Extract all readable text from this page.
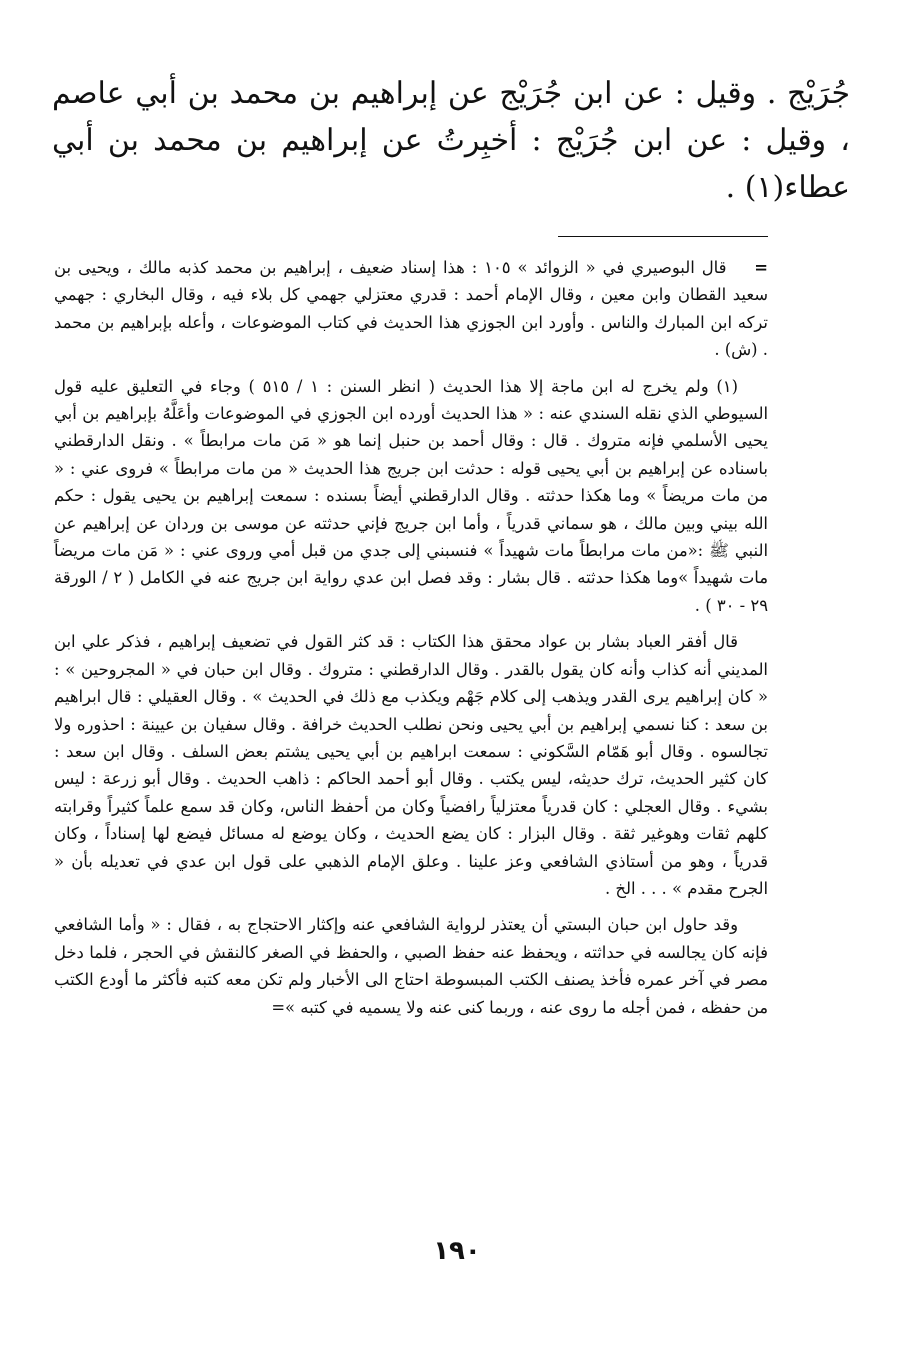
جُرَيْج . وقيل : عن ابن جُرَيْج عن إبراهيم بن محمد بن أبي عاصم ، وقيل : عن ابن جُرَيْج : أخبِرتُ عن إبراهيم بن محمد بن أبي عطاء(١) .

=    قال البوصيري في « الزوائد » ١٠٥ : هذا إسناد ضعيف ، إبراهيم بن محمد كذبه مالك ، ويحيى بن سعيد القطان وابن معين ، وقال الإمام أحمد : قدري معتزلي جهمي كل بلاء فيه ، وقال البخاري : جهمي تركه ابن المبارك والناس . وأورد ابن الجوزي هذا الحديث في كتاب الموضوعات ، وأعله بإبراهيم بن محمد . (ش) .

(١) ولم يخرج له ابن ماجة إلا هذا الحديث ( انظر السنن : ١ / ٥١٥ ) وجاء في التعليق عليه قول السيوطي الذي نقله السندي عنه : « هذا الحديث أورده ابن الجوزي في الموضوعات وأعَلَّهُ بإبراهيم بن أبي يحيى الأسلمي فإنه متروك . قال : وقال أحمد بن حنبل إنما هو « مَن مات مرابطاً » . ونقل الدارقطني باسناده عن إبراهيم بن أبي يحيى قوله : حدثت ابن جريج هذا الحديث « من مات مرابطاً » فروى عني : « من مات مريضاً » وما هكذا حدثته . وقال الدارقطني أيضاً بسنده : سمعت إبراهيم بن يحيى يقول : حكم الله بيني وبين مالك ، هو سماني قدرياً ، وأما ابن جريج فإني حدثته عن موسى بن وردان عن إبراهيم عن النبي ﷺ :«من مات مرابطاً مات شهيداً » فنسبني إلى جدي من قبل أمي وروى عني : « مَن مات مريضاً مات شهيداً »وما هكذا حدثته . قال بشار : وقد فصل ابن عدي رواية ابن جريج عنه في الكامل ( ٢ / الورقة ٢٩ - ٣٠ ) .

قال أفقر العباد بشار بن عواد محقق هذا الكتاب : قد كثر القول في تضعيف إبراهيم ، فذكر علي ابن المديني أنه كذاب وأنه كان يقول بالقدر . وقال الدارقطني : متروك . وقال ابن حبان في « المجروحين » : « كان إبراهيم يرى القدر ويذهب إلى كلام جَهْم ويكذب مع ذلك في الحديث » . وقال العقيلي : قال ابراهيم بن سعد : كنا نسمي إبراهيم بن أبي يحيى ونحن نطلب الحديث خرافة . وقال سفيان بن عيينة : احذوره ولا تجالسوه . وقال أبو هَمّام السَّكوني : سمعت ابراهيم بن أبي يحيى يشتم بعض السلف . وقال ابن سعد : كان كثير الحديث، ترك حديثه، ليس يكتب . وقال أبو أحمد الحاكم : ذاهب الحديث . وقال أبو زرعة : ليس بشيء . وقال العجلي : كان قدرياً معتزلياً رافضياً وكان من أحفظ الناس، وكان قد سمع علماً كثيراً وقرابته كلهم ثقات وهوغير ثقة . وقال البزار : كان يضع الحديث ، وكان يوضع له مسائل فيضع لها إسناداً ، وكان قدرياً ، وهو من أستاذي الشافعي وعز علينا . وعلق الإمام الذهبي على قول ابن عدي في تعديله بأن « الجرح مقدم » . . . الخ .

وقد حاول ابن حبان البستي أن يعتذر لرواية الشافعي عنه وإكثار الاحتجاج به ، فقال : « وأما الشافعي فإنه كان يجالسه في حداثته ، ويحفظ عنه حفظ الصبي ، والحفظ في الصغر كالنقش في الحجر ، فلما دخل مصر في آخر عمره فأخذ يصنف الكتب المبسوطة احتاج الى الأخبار ولم تكن معه كتبه فأكثر ما أودع الكتب من حفظه ، فمن أجله ما روى عنه ، وربما كنى عنه ولا يسميه في كتبه »=

١٩٠
